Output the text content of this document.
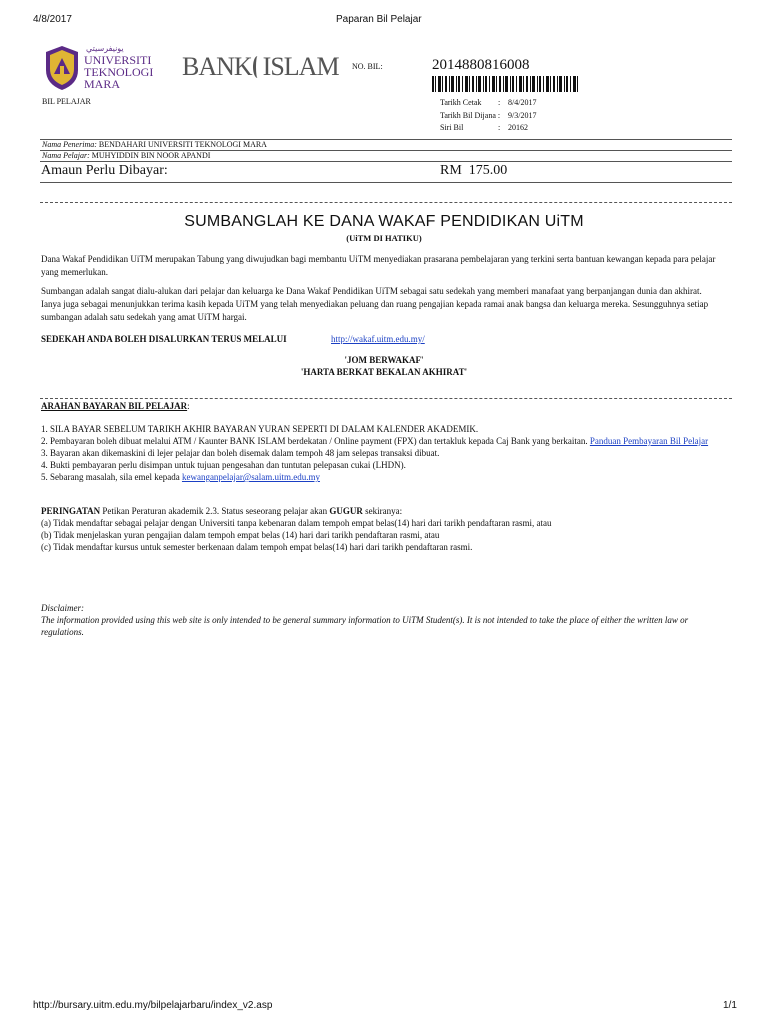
4/8/2017	Paparan Bil Pelajar
ﻳﻮﻧﻴﻔﺮﺳﻴﺘﻲ
UNIVERSITI
TEKNOLOGI
MARA
BANK ISLAM NO. BIL:	2014880816008
Tarikh Cetak	: 8/4/2017
Tarikh Bil Dijana : 9/3/2017
Siri Bil	: 20162
BIL PELAJAR
Nama Penerima: BENDAHARI UNIVERSITI TEKNOLOGI MARA
Nama Pelajar: MUHYIDDIN BIN NOOR APANDI
Amaun Perlu Dibayar:	RM 175.00
SUMBANGLAH KE DANA WAKAF PENDIDIKAN UiTM
(UiTM DI HATIKU)

Dana Wakaf Pendidikan UiTM merupakan Tabung yang diwujudkan bagi membantu UiTM menyediakan prasarana pembelajaran yang terkini serta bantuan kewangan kepada para pelajar yang memerlukan.

Sumbangan adalah sangat dialu-alukan dari pelajar dan keluarga ke Dana Wakaf Pendidikan UiTM sebagai satu sedekah yang memberi manafaat yang berpanjangan dunia dan akhirat. Ianya juga sebagai menunjukkan terima kasih kepada UiTM yang telah menyediakan peluang dan ruang pengajian kepada ramai anak bangsa dan keluarga mereka. Sesungguhnya setiap sumbangan adalah satu sedekah yang amat UiTM hargai.

SEDEKAH ANDA BOLEH DISALURKAN TERUS MELALUI	http://wakaf.uitm.edu.my/
'JOM BERWAKAF'
'HARTA BERKAT BEKALAN AKHIRAT'
ARAHAN BAYARAN BIL PELAJAR:
1. SILA BAYAR SEBELUM TARIKH AKHIR BAYARAN YURAN SEPERTI DI DALAM KALENDER AKADEMIK.
2. Pembayaran boleh dibuat melalui ATM / Kaunter BANK ISLAM berdekatan / Online payment (FPX) dan tertakluk kepada Caj Bank yang berkaitan. Panduan Pembayaran Bil Pelajar
3. Bayaran akan dikemaskini di lejer pelajar dan boleh disemak dalam tempoh 48 jam selepas transaksi dibuat.
4. Bukti pembayaran perlu disimpan untuk tujuan pengesahan dan tuntutan pelepasan cukai (LHDN).
5. Sebarang masalah, sila emel kepada kewanganpelajar@salam.uitm.edu.my
PERINGATAN Petikan Peraturan akademik 2.3. Status seseorang pelajar akan GUGUR sekiranya:
(a) Tidak mendaftar sebagai pelajar dengan Universiti tanpa kebenaran dalam tempoh empat belas(14) hari dari tarikh pendaftaran rasmi, atau
(b) Tidak menjelaskan yuran pengajian dalam tempoh empat belas (14) hari dari tarikh pendaftaran rasmi, atau
(c) Tidak mendaftar kursus untuk semester berkenaan dalam tempoh empat belas(14) hari dari tarikh pendaftaran rasmi.
Disclaimer:

The information provided using this web site is only intended to be general summary information to UiTM Student(s). It is not intended to take the place of either the written law or regulations.

http://bursary.uitm.edu.my/bilpelajarbaru/index_v2.asp	1/1
